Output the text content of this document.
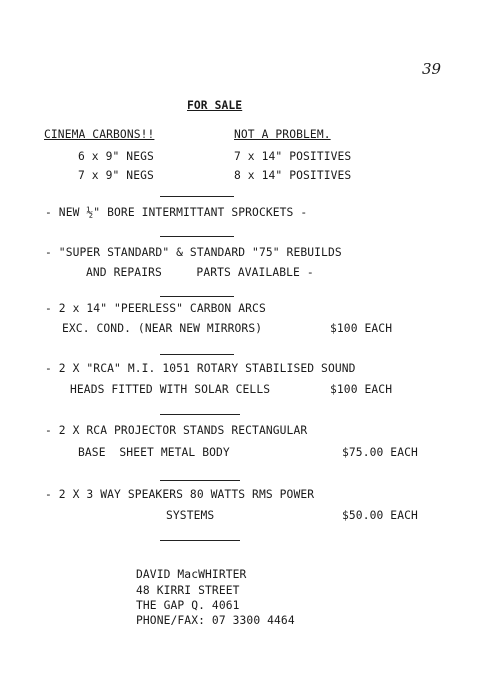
39
FOR SALE
CINEMA CARBONS!!	NOT A PROBLEM.
6 x 9" NEGS	7 x 14" POSITIVES
7 x 9" NEGS	8 x 14" POSITIVES
- NEW ½" BORE INTERMITTANT SPROCKETS -
- "SUPER STANDARD" & STANDARD "75" REBUILDS
AND REPAIRS     PARTS AVAILABLE -
- 2 x 14" "PEERLESS" CARBON ARCS
EXC. COND. (NEAR NEW MIRRORS)	$100 EACH
- 2 X "RCA" M.I. 1051 ROTARY STABILISED SOUND
HEADS FITTED WITH SOLAR CELLS	$100 EACH
- 2 X RCA PROJECTOR STANDS RECTANGULAR
BASE  SHEET METAL BODY	$75.00 EACH
- 2 X 3 WAY SPEAKERS 80 WATTS RMS POWER
SYSTEMS	$50.00 EACH
DAVID MacWHIRTER
48 KIRRI STREET
THE GAP Q. 4061
PHONE/FAX: 07 3300 4464
